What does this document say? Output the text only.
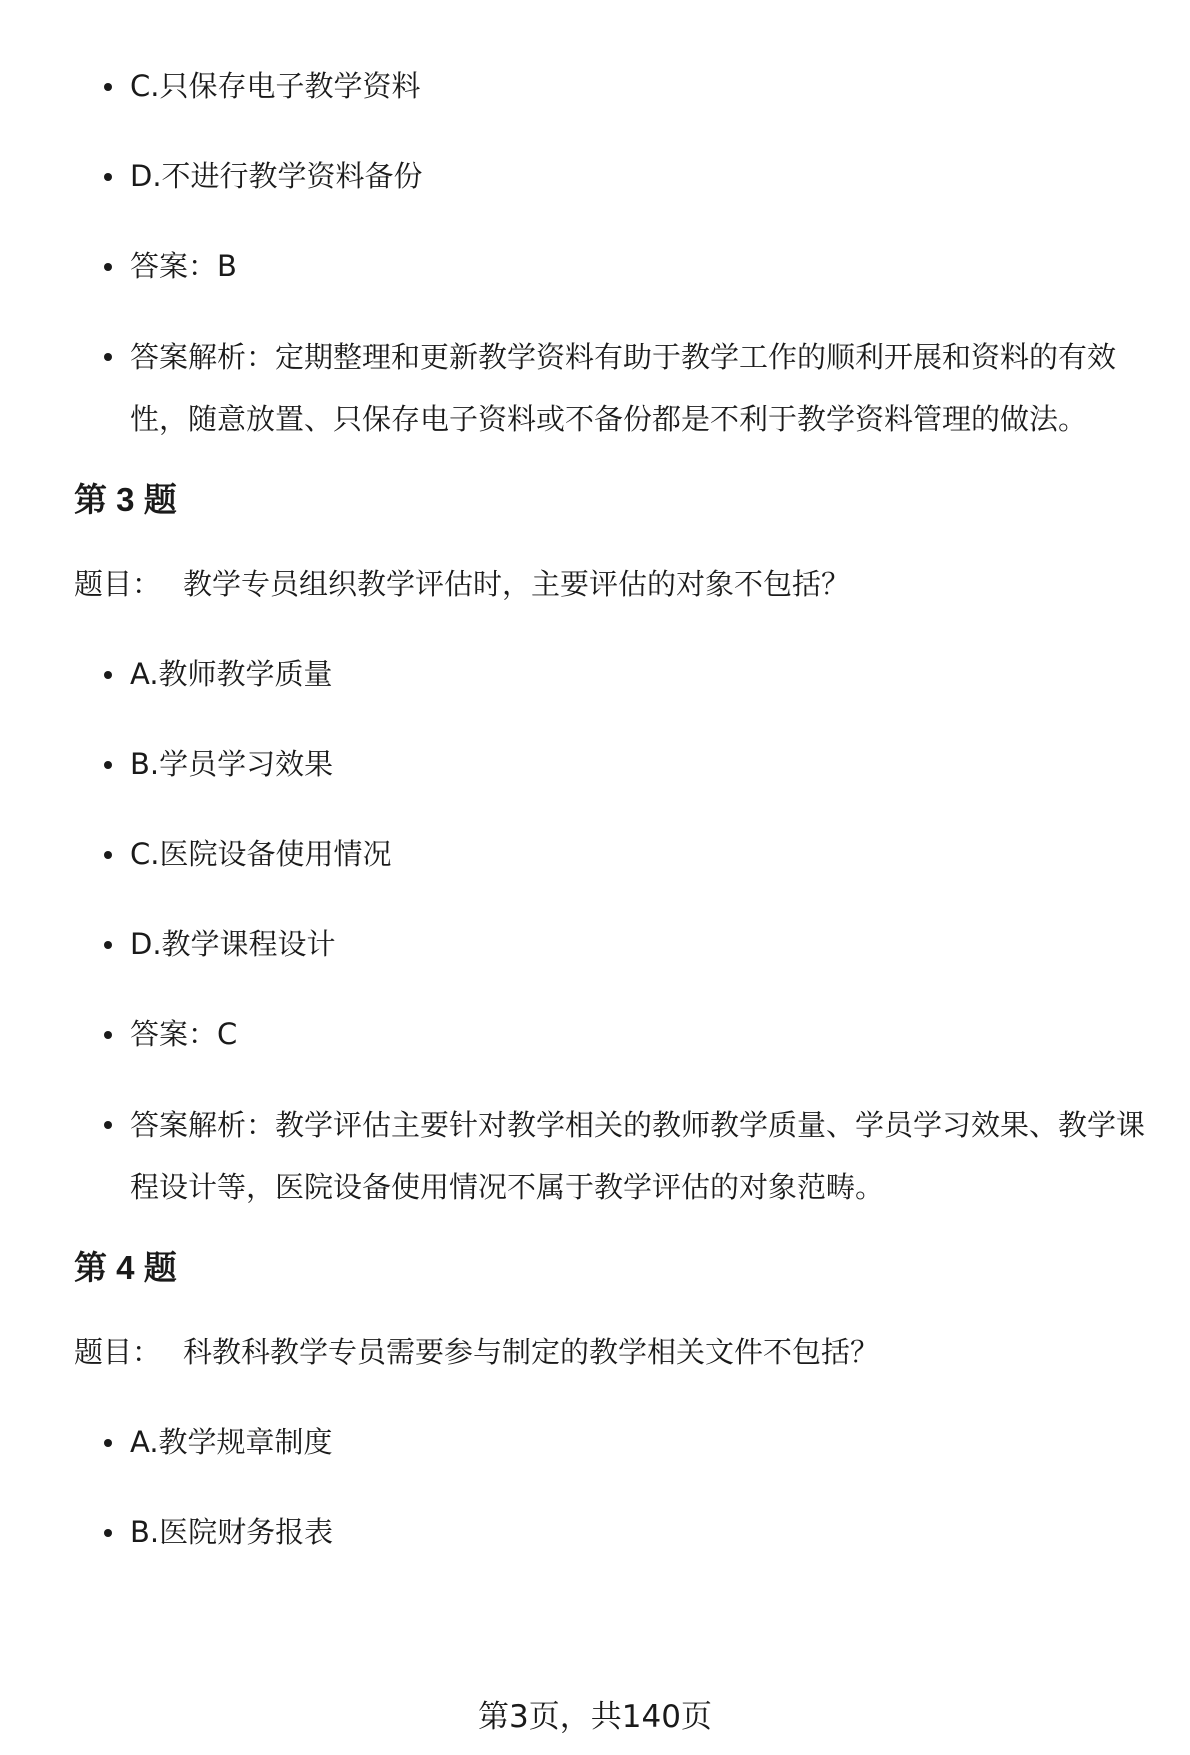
C.只保存电子教学资料
D.不进行教学资料备份
答案：B
答案解析：定期整理和更新教学资料有助于教学工作的顺利开展和资料的有效性，随意放置、只保存电子资料或不备份都是不利于教学资料管理的做法。
第 3 题
题目： 教学专员组织教学评估时，主要评估的对象不包括？
A.教师教学质量
B.学员学习效果
C.医院设备使用情况
D.教学课程设计
答案：C
答案解析：教学评估主要针对教学相关的教师教学质量、学员学习效果、教学课程设计等，医院设备使用情况不属于教学评估的对象范畴。
第 4 题
题目： 科教科教学专员需要参与制定的教学相关文件不包括？
A.教学规章制度
B.医院财务报表
第3页，共140页
